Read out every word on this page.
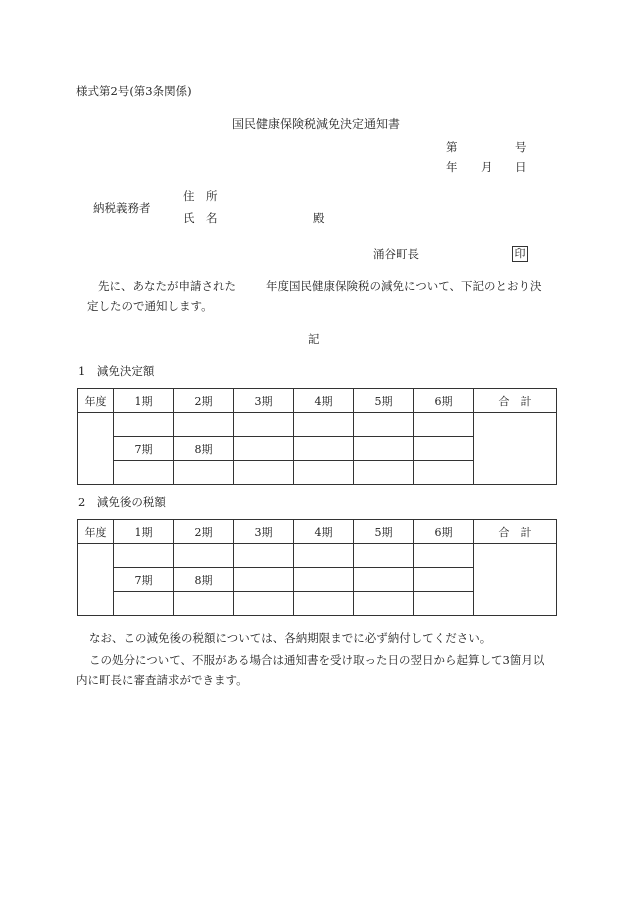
様式第2号(第3条関係)
国民健康保険税減免決定通知書
第	号
年 月 日
納税義務者
住　所
氏　名	殿
涌谷町長	印
先に、あなたが申請された	年度国民健康保険税の減免について、下記のとおり決
定したので通知します。
記
1　減免決定額
年度	1期	2期	3期	4期	5期	6期	合　計

	7期	8期					

2　減免後の税額
年度	1期	2期	3期	4期	5期	6期	合　計

	7期	8期					

なお、この減免後の税額については、各納期限までに必ず納付してください。
この処分について、不服がある場合は通知書を受け取った日の翌日から起算して3箇月以
内に町長に審査請求ができます。
